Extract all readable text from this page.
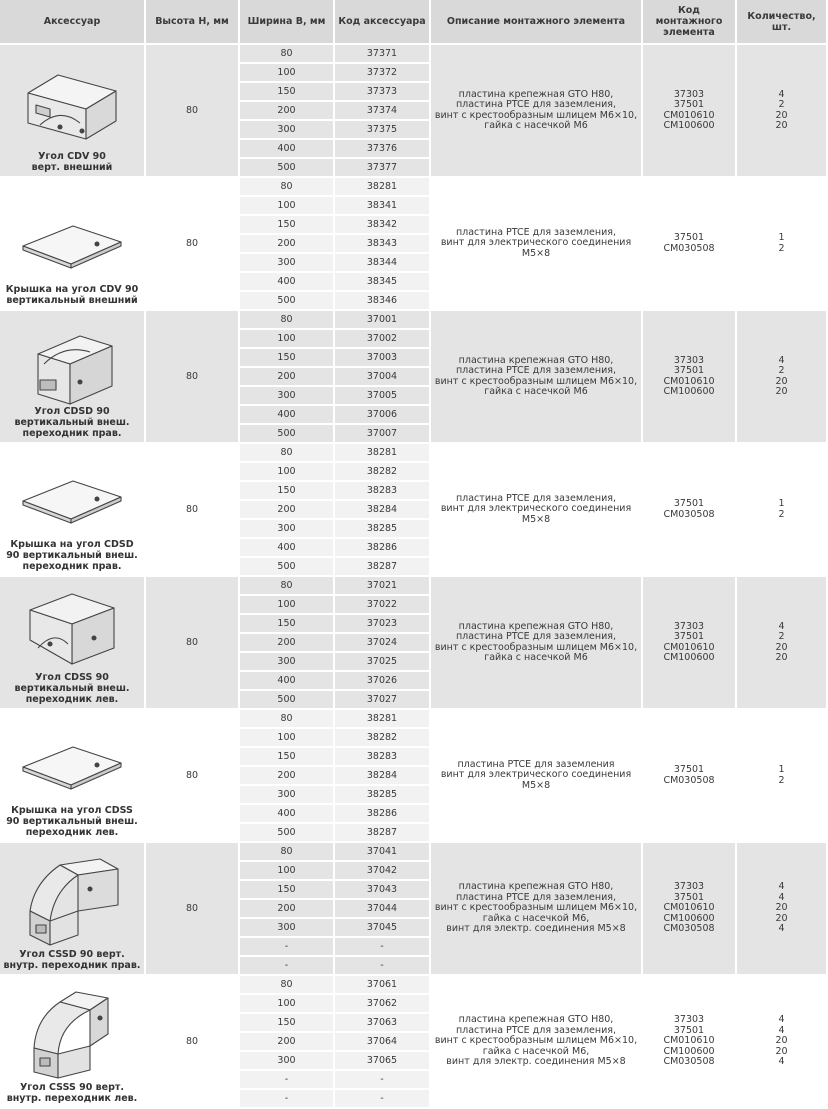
Аксессуар	Высота H, мм	Ширина B, мм	Код аксессуара	Описание монтажного элемента	Код монтажного элемента	Количество, шт.

Угол CDV 90
верт. внешний	80	80	37371	пластина крепежная GTO H80,
пластина PTCE для заземления,
винт с крестообразным шлицем M6×10,
гайка с насечкой M6	37303
37501
CM010610
CM100600	4
2
20
20

		100	37372			
		150	37373			
		200	37374			
		300	37375			
		400	37376			
		500	37377			

Крышка на угол CDV 90
вертикальный внешний	80	80	38281	пластина PTCE для заземления,
винт для электрического соединения
M5×8	37501
CM030508	1
2

		100	38341			
		150	38342			
		200	38343			
		300	38344			
		400	38345			
		500	38346			

Угол CDSD 90
вертикальный внеш.
переходник прав.	80	80	37001	пластина крепежная GTO H80,
пластина PTCE для заземления,
винт с крестообразным шлицем M6×10,
гайка с насечкой M6	37303
37501
CM010610
CM100600	4
2
20
20

		100	37002			
		150	37003			
		200	37004			
		300	37005			
		400	37006			
		500	37007			

Крышка на угол CDSD
90 вертикальный внеш.
переходник прав.	80	80	38281	пластина PTCE для заземления,
винт для электрического соединения
M5×8	37501
CM030508	1
2

		100	38282			
		150	38283			
		200	38284			
		300	38285			
		400	38286			
		500	38287			

Угол CDSS 90
вертикальный внеш.
переходник лев.	80	80	37021	пластина крепежная GTO H80,
пластина PTCE для заземления,
винт с крестообразным шлицем M6×10,
гайка с насечкой M6	37303
37501
CM010610
CM100600	4
2
20
20

		100	37022			
		150	37023			
		200	37024			
		300	37025			
		400	37026			
		500	37027			

Крышка на угол CDSS
90 вертикальный внеш.
переходник лев.	80	80	38281	пластина PTCE для заземления
винт для электрического соединения
M5×8	37501
CM030508	1
2

		100	38282			
		150	38283			
		200	38284			
		300	38285			
		400	38286			
		500	38287			

Угол CSSD 90 верт.
внутр. переходник прав.	80	80	37041	пластина крепежная GTO H80,
пластина PTCE для заземления,
винт с крестообразным шлицем M6×10,
гайка с насечкой M6,
винт для электр. соединения M5×8	37303
37501
CM010610
CM100600
CM030508	4
4
20
20
4

		100	37042			
		150	37043			
		200	37044			
		300	37045			
		-	-			
		-	-			

Угол CSSS 90 верт.
внутр. переходник лев.	80	80	37061	пластина крепежная GTO H80,
пластина PTCE для заземления,
винт с крестообразным шлицем M6×10,
гайка с насечкой M6,
винт для электр. соединения M5×8	37303
37501
CM010610
CM100600
CM030508	4
4
20
20
4

		100	37062			
		150	37063			
		200	37064			
		300	37065			
		-	-			
		-	-			
